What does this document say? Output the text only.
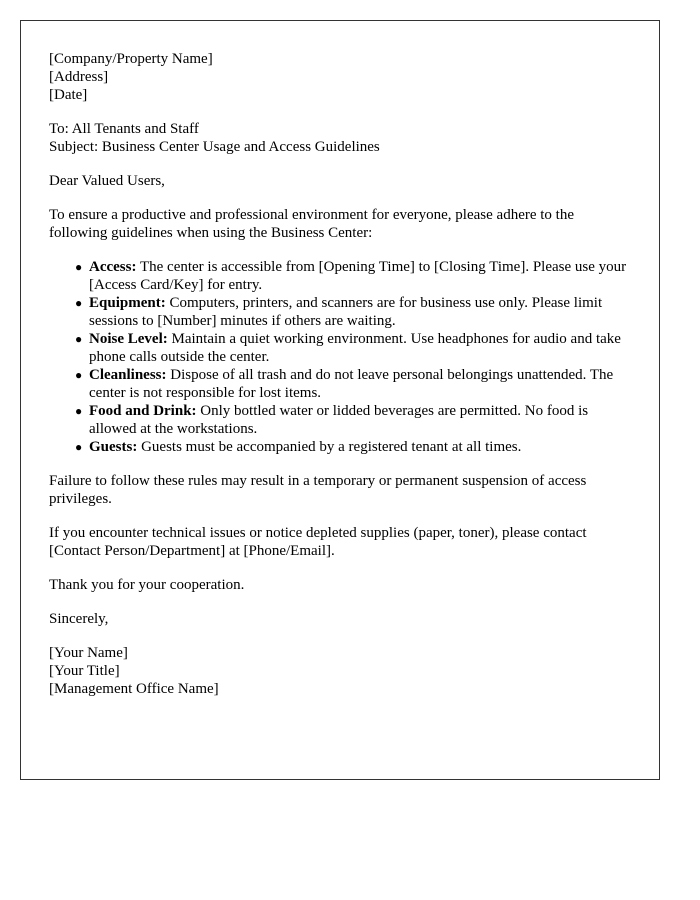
[Company/Property Name]
[Address]
[Date]
To: All Tenants and Staff
Subject: Business Center Usage and Access Guidelines

Dear Valued Users,

To ensure a productive and professional environment for everyone, please adhere to the following guidelines when using the Business Center:

● Access: The center is accessible from [Opening Time] to [Closing Time]. Please use your [Access Card/Key] for entry.
● Equipment: Computers, printers, and scanners are for business use only. Please limit sessions to [Number] minutes if others are waiting.
● Noise Level: Maintain a quiet working environment. Use headphones for audio and take phone calls outside the center.
● Cleanliness: Dispose of all trash and do not leave personal belongings unattended. The center is not responsible for lost items.
● Food and Drink: Only bottled water or lidded beverages are permitted. No food is allowed at the workstations.
● Guests: Guests must be accompanied by a registered tenant at all times.

Failure to follow these rules may result in a temporary or permanent suspension of access privileges.

If you encounter technical issues or notice depleted supplies (paper, toner), please contact [Contact Person/Department] at [Phone/Email].

Thank you for your cooperation.

Sincerely,

[Your Name]
[Your Title]
[Management Office Name]
